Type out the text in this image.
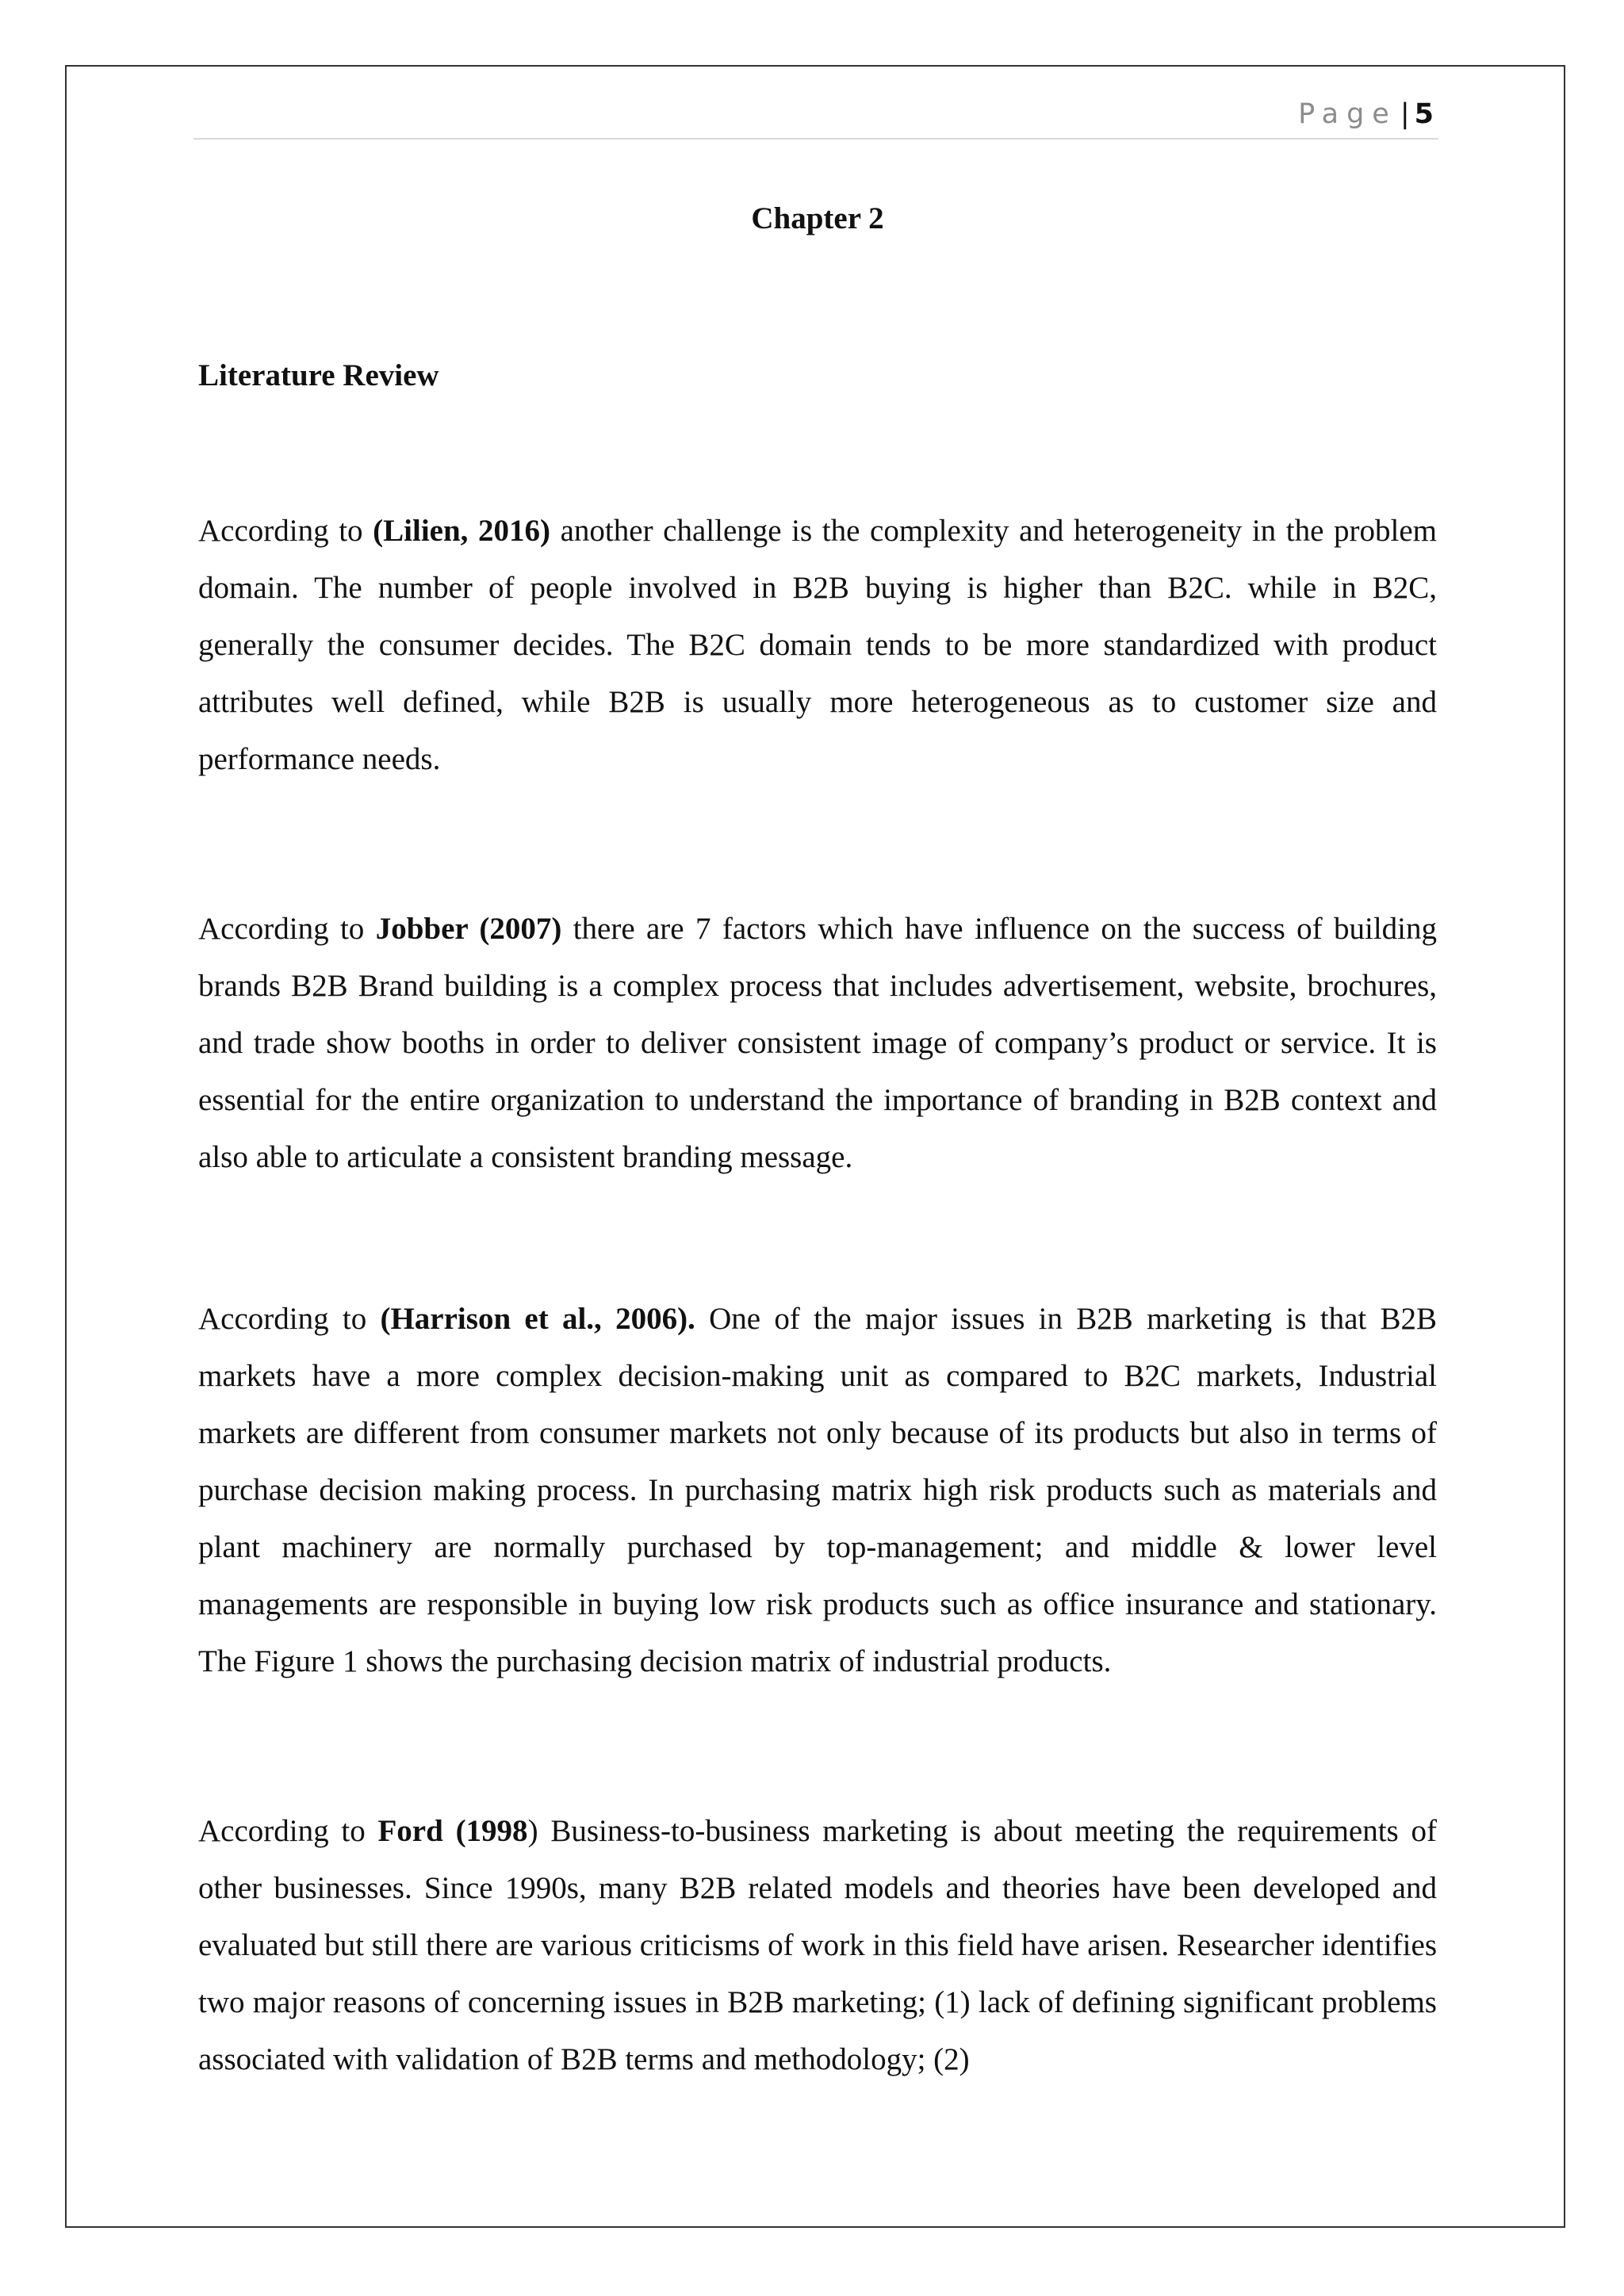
Page | 5
Chapter 2
Literature Review

According to (Lilien, 2016) another challenge is the complexity and heterogeneity in the problem domain. The number of people involved in B2B buying is higher than B2C. while in B2C, generally the consumer decides. The B2C domain tends to be more standardized with product attributes well defined, while B2B is usually more heterogeneous as to customer size and performance needs.

According to Jobber (2007) there are 7 factors which have influence on the success of building brands B2B Brand building is a complex process that includes advertisement, website, brochures, and trade show booths in order to deliver consistent image of company’s product or service. It is essential for the entire organization to understand the importance of branding in B2B context and also able to articulate a consistent branding message.

According to (Harrison et al., 2006). One of the major issues in B2B marketing is that B2B markets have a more complex decision-making unit as compared to B2C markets, Industrial markets are different from consumer markets not only because of its products but also in terms of purchase decision making process. In purchasing matrix high risk products such as materials and plant machinery are normally purchased by top-management; and middle & lower level managements are responsible in buying low risk products such as office insurance and stationary. The Figure 1 shows the purchasing decision matrix of industrial products.

According to Ford (1998) Business-to-business marketing is about meeting the requirements of other businesses. Since 1990s, many B2B related models and theories have been developed and evaluated but still there are various criticisms of work in this field have arisen. Researcher identifies two major reasons of concerning issues in B2B marketing; (1) lack of defining significant problems associated with validation of B2B terms and methodology; (2)
